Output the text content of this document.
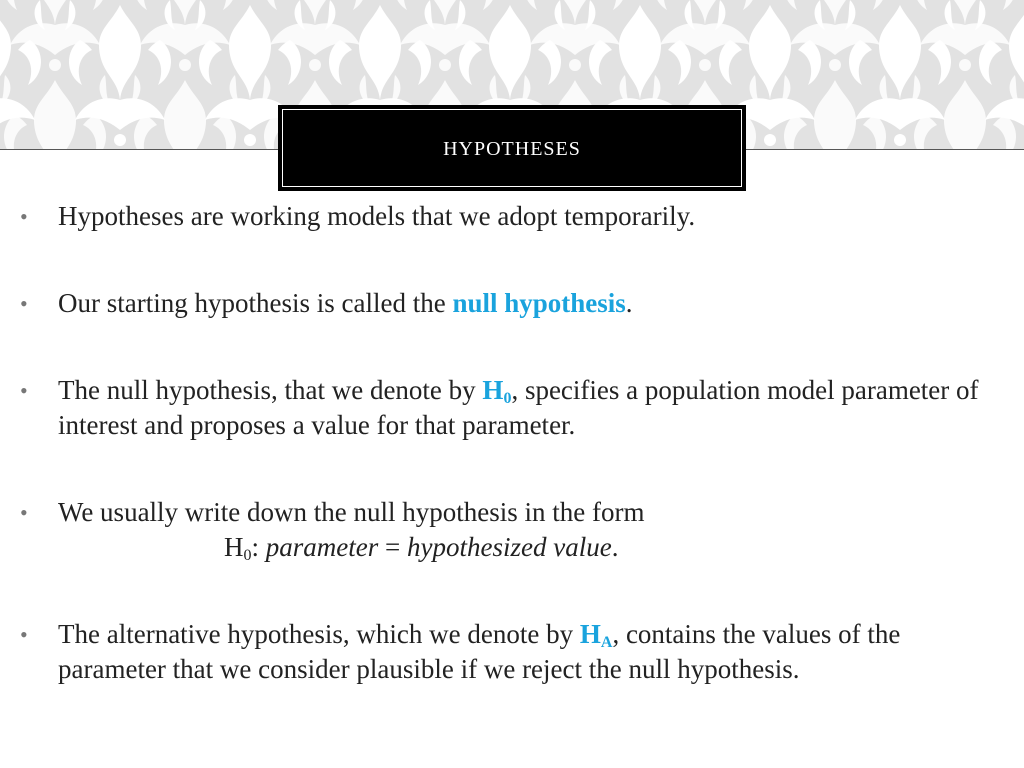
HYPOTHESES
• Hypotheses are working models that we adopt temporarily.
• Our starting hypothesis is called the null hypothesis.
• The null hypothesis, that we denote by $H_0$, specifies a population model parameter of interest and proposes a value for that parameter.
• We usually write down the null hypothesis in the form
$H_0$: parameter = hypothesized value.
• The alternative hypothesis, which we denote by $H_A$, contains the values of the parameter that we consider plausible if we reject the null hypothesis.
